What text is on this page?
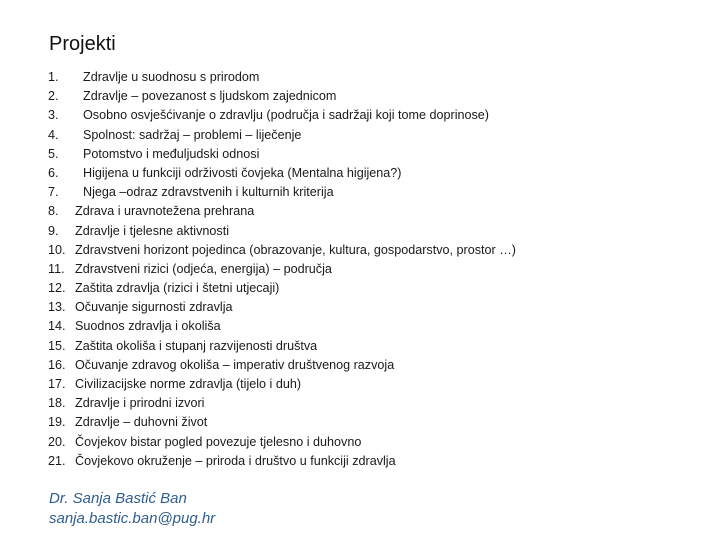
Projekti
1. Zdravlje u suodnosu s prirodom
2. Zdravlje – povezanost s ljudskom zajednicom
3. Osobno osvješćivanje o zdravlju (područja i sadržaji koji tome doprinose)
4. Spolnost: sadržaj – problemi – liječenje
5. Potomstvo i međuljudski odnosi
6. Higijena u funkciji održivosti čovjeka (Mentalna higijena?)
7. Njega –odraz zdravstvenih i kulturnih kriterija
8. Zdrava i uravnotežena prehrana
9. Zdravlje i tjelesne aktivnosti
10. Zdravstveni horizont pojedinca (obrazovanje, kultura, gospodarstvo, prostor …)
11. Zdravstveni rizici (odjeća, energija) – područja
12. Zaštita zdravlja (rizici i štetni utjecaji)
13. Očuvanje sigurnosti zdravlja
14. Suodnos zdravlja i okoliša
15. Zaštita okoliša i stupanj razvijenosti društva
16. Očuvanje zdravog okoliša – imperativ društvenog razvoja
17. Civilizacijske norme zdravlja (tijelo i duh)
18. Zdravlje i prirodni izvori
19. Zdravlje – duhovni život
20. Čovjekov bistar pogled povezuje tjelesno i duhovno
21. Čovjekovo okruženje – priroda i društvo u funkciji zdravlja
Dr. Sanja Bastić Ban
sanja.bastic.ban@pug.hr
